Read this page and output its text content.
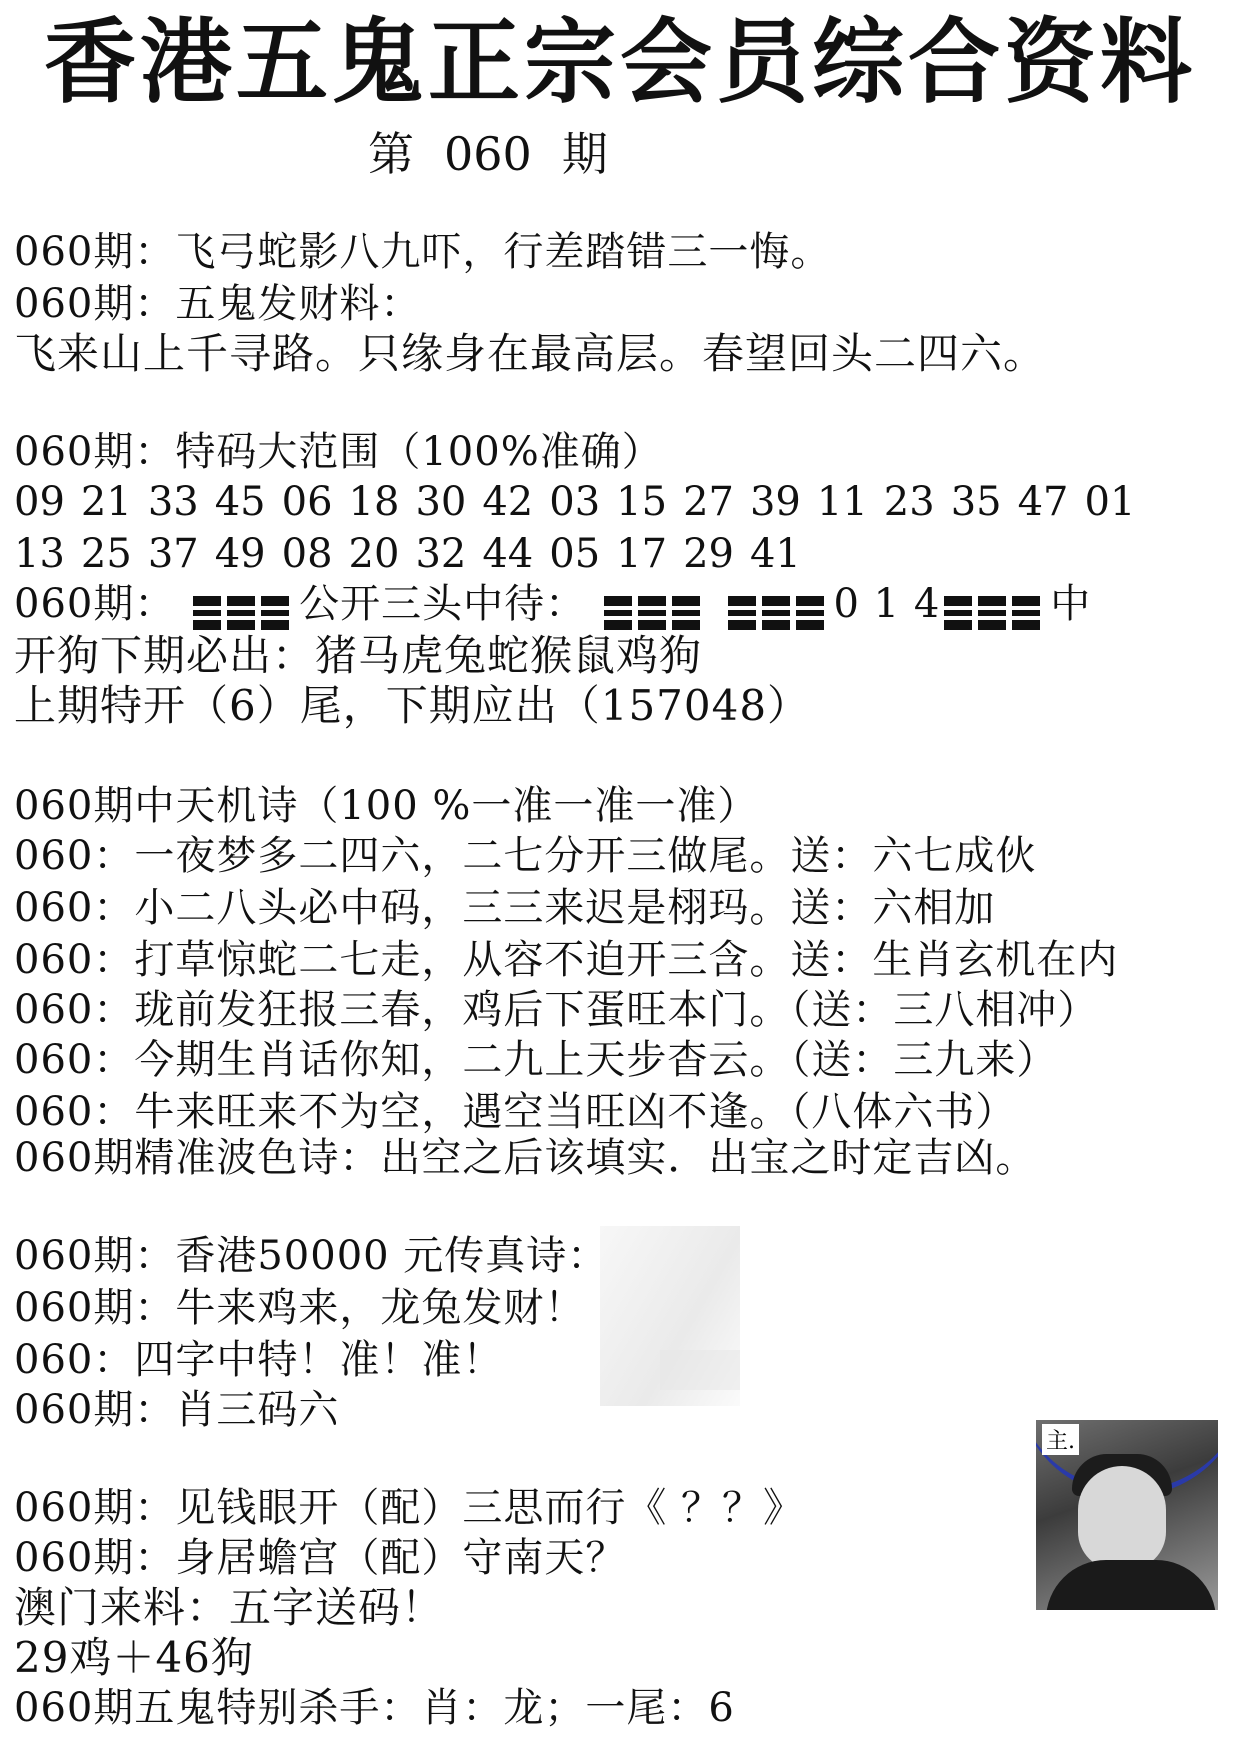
香港五鬼正宗会员综合资料
第 060 期
060期：飞弓蛇影八九吓，行差踏错三一悔。
060期：五鬼发财料：
飞来山上千寻路。只缘身在最高层。春望回头二四六。
060期：特码大范围（100%准确）
09 21 33 45 06 18 30 42 03 15 27 39 11 23 35 47 01
13 25 37 49 08 20 32 44 05 17 29 41
060期：	公开三头中待：	0 1 4	中
开狗下期必出：猪马虎兔蛇猴鼠鸡狗
上期特开（6）尾，下期应出（157048）
060期中天机诗（100 %一准一准一准）
060：一夜梦多二四六，二七分开三做尾。送：六七成伙
060：小二八头必中码，三三来迟是栩玛。送：六相加
060：打草惊蛇二七走，从容不迫开三含。送：生肖玄机在内
060：珑前发狂报三春，鸡后下蛋旺本门。（送：三八相冲）
060：今期生肖话你知，二九上天步杳云。（送：三九来）
060：牛来旺来不为空，遇空当旺凶不逢。（八体六书）
060期精准波色诗：出空之后该填实．出宝之时定吉凶。
060期：香港50000 元传真诗：
060期：牛来鸡来，龙兔发财！
060：四字中特！准！准！
060期：肖三码六
060期：见钱眼开（配）三思而行《 ？？》
060期：身居蟾宫（配）守南天？
澳门来料：五字送码！
29鸡＋46狗
060期五鬼特别杀手：肖：龙；一尾：6
主.
